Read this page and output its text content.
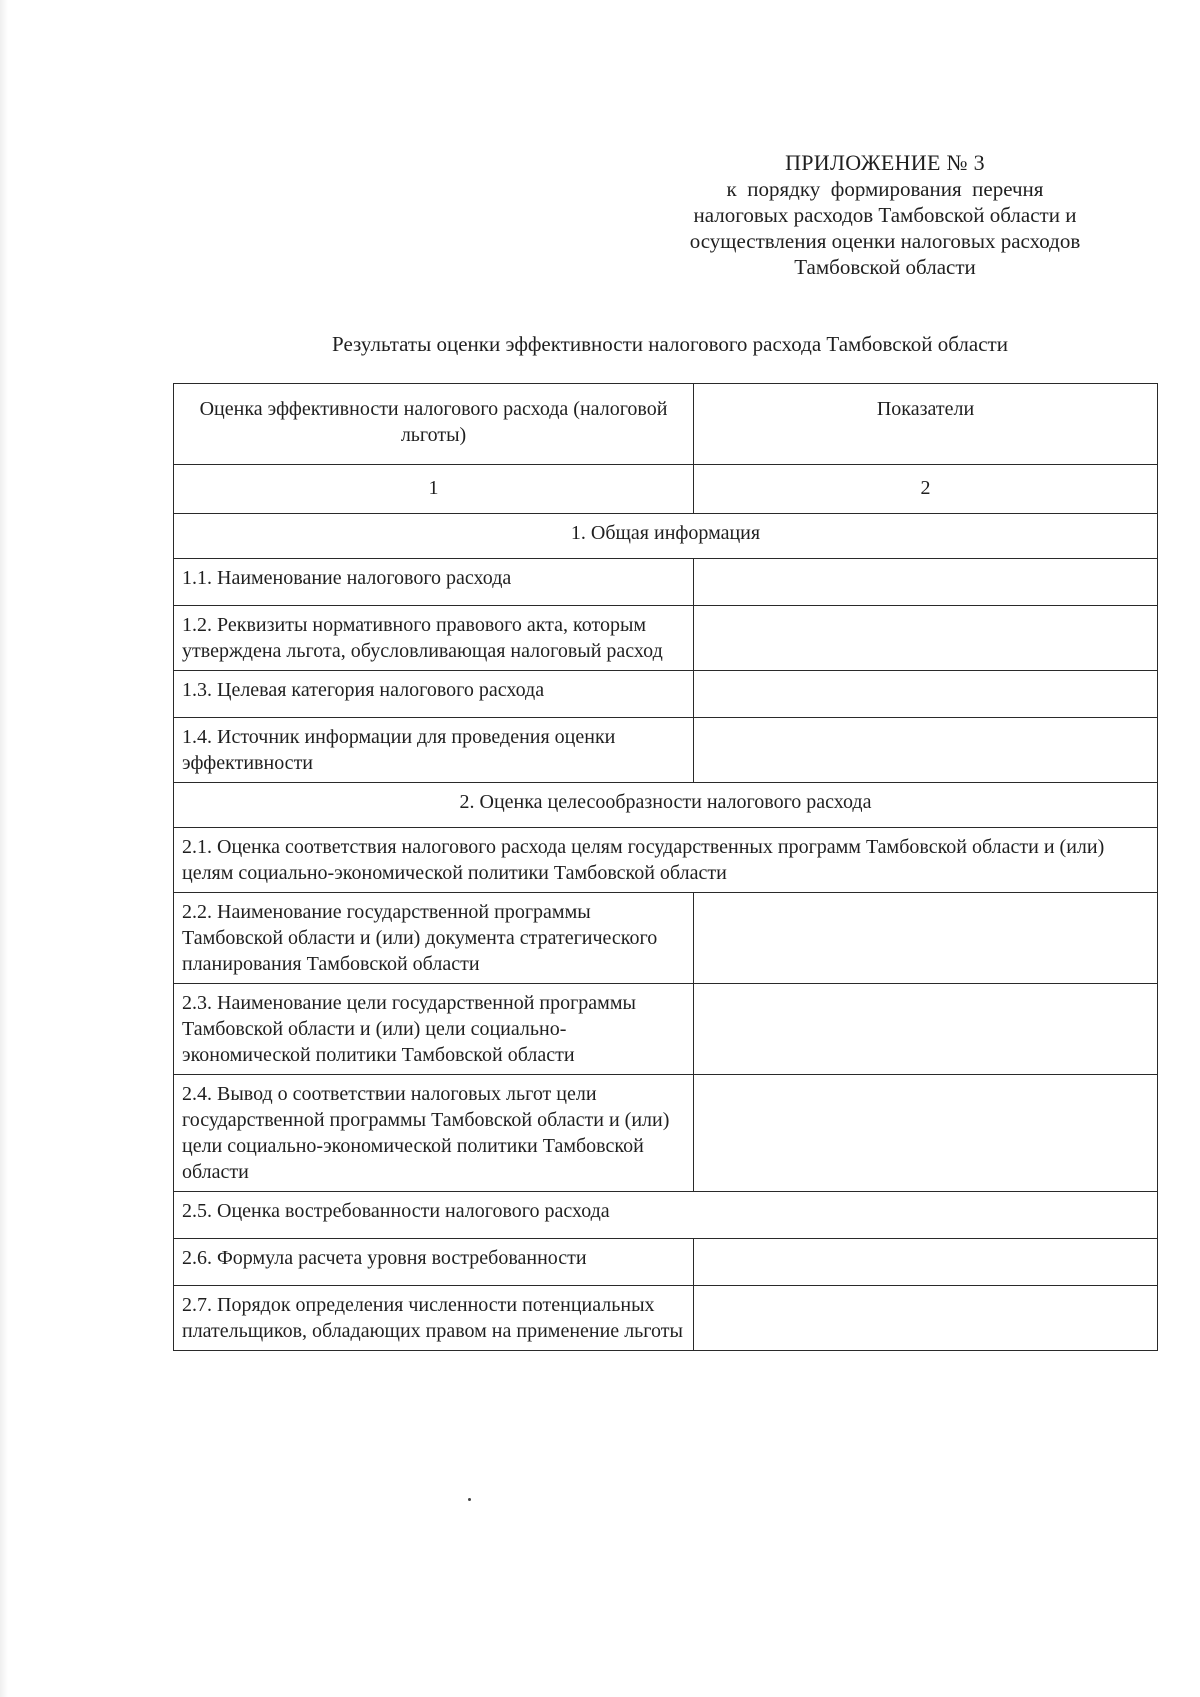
ПРИЛОЖЕНИЕ № 3
к  порядку  формирования  перечня
налоговых расходов Тамбовской области и
осуществления оценки налоговых расходов
Тамбовской области
Результаты оценки эффективности налогового расхода Тамбовской области
Оценка эффективности налогового расхода (налоговой льготы)	Показатели
1	2
1. Общая информация	
1.1. Наименование налогового расхода	
1.2. Реквизиты нормативного правового акта, которым утверждена льгота, обусловливающая налоговый расход	
1.3. Целевая категория налогового расхода	
1.4. Источник информации для проведения оценки эффективности	
2. Оценка целесообразности налогового расхода	
2.1. Оценка соответствия налогового расхода целям государственных программ Тамбовской области и (или) целям социально-экономической политики Тамбовской области	
2.2. Наименование государственной программы Тамбовской области и (или) документа стратегического планирования Тамбовской области	
2.3. Наименование цели государственной программы Тамбовской области и (или) цели социально-экономической политики Тамбовской области	
2.4. Вывод о соответствии налоговых льгот цели государственной программы Тамбовской области и (или) цели социально-экономической политики Тамбовской области	
2.5. Оценка востребованности налогового расхода	
2.6. Формула расчета уровня востребованности	
2.7. Порядок определения численности потенциальных плательщиков, обладающих правом на применение льготы	
